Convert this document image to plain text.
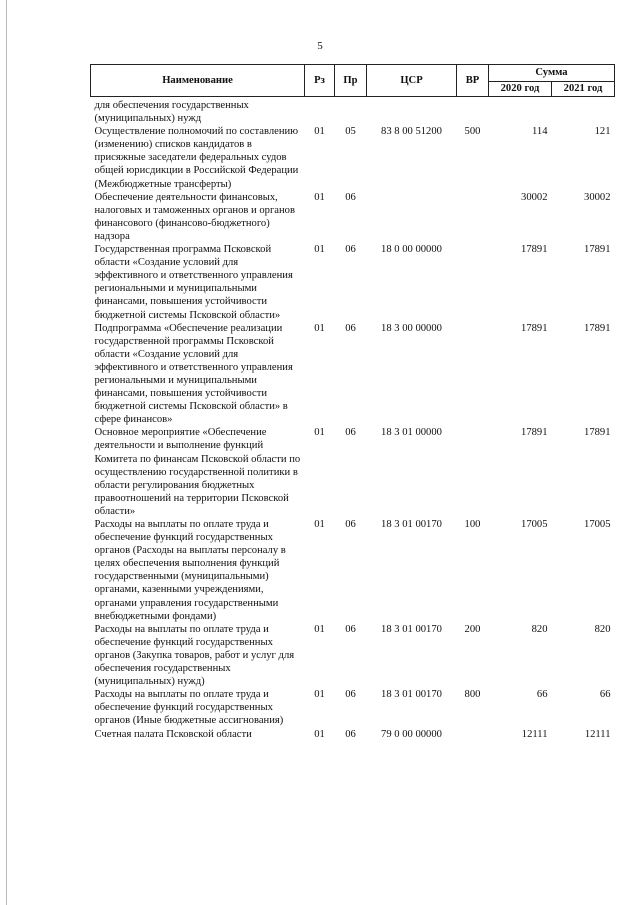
5
Наименование	Рз	Пр	ЦСР	ВР	Сумма	
					2020 год	2021 год
для обеспечения государственных (муниципальных) нужд						
Осуществление полномочий по составлению (изменению) списков кандидатов в присяжные заседатели федеральных судов общей юрисдикции в Российской Федерации (Межбюджетные трансферты)	01	05	83 8 00 51200	500	114	121
Обеспечение деятельности финансовых, налоговых и таможенных органов и органов финансового (финансово-бюджетного) надзора	01	06			30002	30002
Государственная программа Псковской области «Создание условий для эффективного и ответственного управления региональными и муниципальными финансами, повышения устойчивости бюджетной системы Псковской области»	01	06	18 0 00 00000		17891	17891
Подпрограмма «Обеспечение реализации государственной программы Псковской области «Создание условий для эффективного и ответственного управления региональными и муниципальными финансами, повышения устойчивости бюджетной системы Псковской области» в сфере финансов»	01	06	18 3 00 00000		17891	17891
Основное мероприятие «Обеспечение деятельности и выполнение функций Комитета по финансам Псковской области по осуществлению государственной политики в области регулирования бюджетных правоотношений на территории Псковской области»	01	06	18 3 01 00000		17891	17891
Расходы на выплаты по оплате труда и обеспечение функций государственных органов (Расходы на выплаты персоналу в целях обеспечения выполнения функций государственными (муниципальными) органами, казенными учреждениями, органами управления государственными внебюджетными фондами)	01	06	18 3 01 00170	100	17005	17005
Расходы на выплаты по оплате труда и обеспечение функций государственных органов (Закупка товаров, работ и услуг для обеспечения государственных (муниципальных) нужд)	01	06	18 3 01 00170	200	820	820
Расходы на выплаты по оплате труда и обеспечение функций государственных органов (Иные бюджетные ассигнования)	01	06	18 3 01 00170	800	66	66
Счетная палата Псковской области	01	06	79 0 00 00000		12111	12111
